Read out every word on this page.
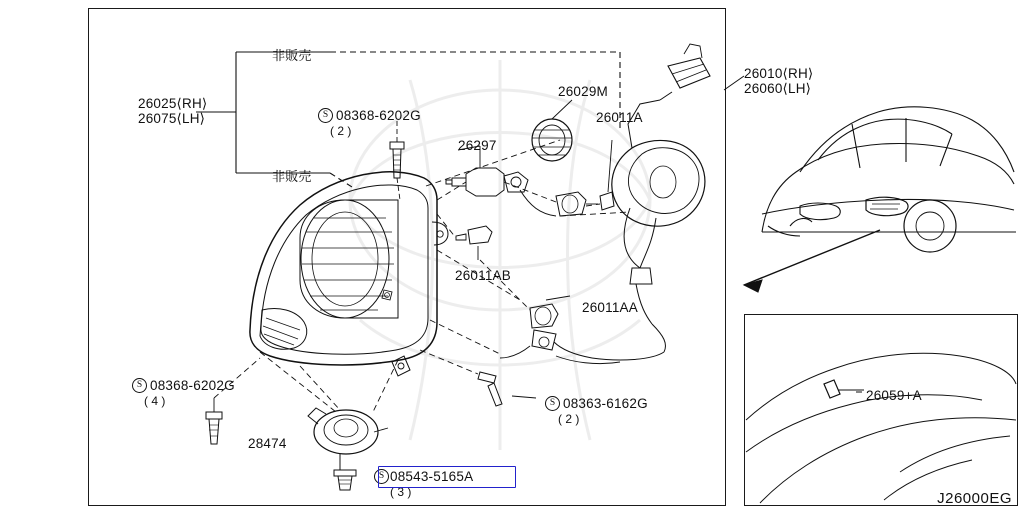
26025⟨RH⟩
26075⟨LH⟩
非販売
非販売
08368-6202G
26297
26029M
26011A
26011AB
26011AA
08368-6202G
28474
08363-6162G
08543-5165A
26010⟨RH⟩
26060⟨LH⟩
26059+A
S
S
S
S
( 2 )
( 4 )
( 2 )
( 3 )	J26000EG
